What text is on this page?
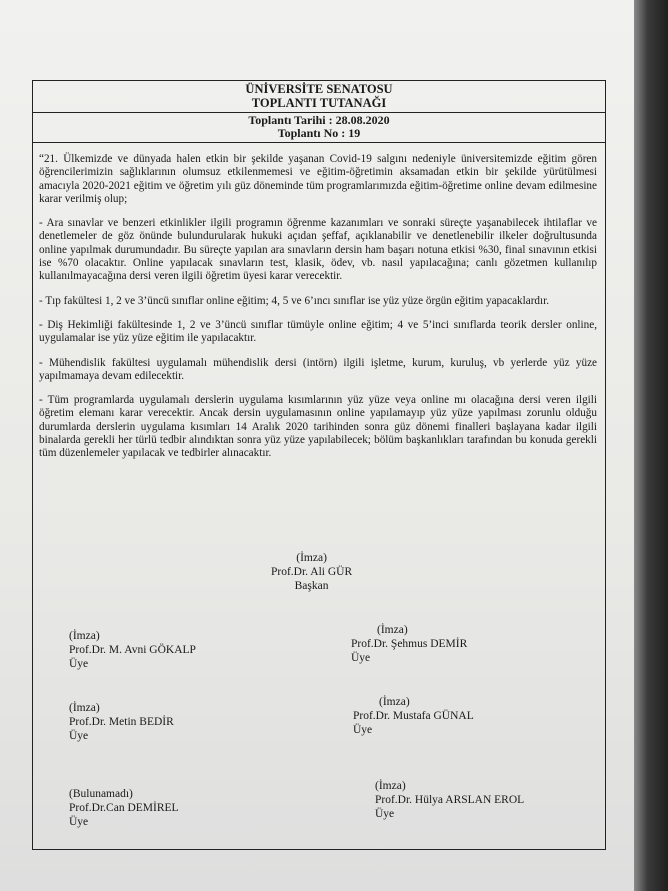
ÜNİVERSİTE SENATOSU
TOPLANTI TUTANAĞI
Toplantı Tarihi : 28.08.2020
Toplantı No : 19

“21. Ülkemizde ve dünyada halen etkin bir şekilde yaşanan Covid-19 salgını nedeniyle üniversitemizde eğitim gören öğrencilerimizin sağlıklarının olumsuz etkilenmemesi ve eğitim-öğretimin aksamadan etkin bir şekilde yürütülmesi amacıyla 2020-2021 eğitim ve öğretim yılı güz döneminde tüm programlarımızda eğitim-öğretime online devam edilmesine karar verilmiş olup;

- Ara sınavlar ve benzeri etkinlikler ilgili programın öğrenme kazanımları ve sonraki süreçte yaşanabilecek ihtilaflar ve denetlemeler de göz önünde bulundurularak hukuki açıdan şeffaf, açıklanabilir ve denetlenebilir ilkeler doğrultusunda online yapılmak durumundadır. Bu süreçte yapılan ara sınavların dersin ham başarı notuna etkisi %30, final sınavının etkisi ise %70 olacaktır. Online yapılacak sınavların test, klasik, ödev, vb. nasıl yapılacağına; canlı gözetmen kullanılıp kullanılmayacağına dersi veren ilgili öğretim üyesi karar verecektir.

- Tıp fakültesi 1, 2 ve 3’üncü sınıflar online eğitim; 4, 5 ve 6’ıncı sınıflar ise yüz yüze örgün eğitim yapacaklardır.

- Diş Hekimliği fakültesinde 1, 2 ve 3’üncü sınıflar tümüyle online eğitim; 4 ve 5’inci sınıflarda teorik dersler online, uygulamalar ise yüz yüze eğitim ile yapılacaktır.

- Mühendislik fakültesi uygulamalı mühendislik dersi (intörn) ilgili işletme, kurum, kuruluş, vb yerlerde yüz yüze yapılmamaya devam edilecektir.

- Tüm programlarda uygulamalı derslerin uygulama kısımlarının yüz yüze veya online mı olacağına dersi veren ilgili öğretim elemanı karar verecektir. Ancak dersin uygulamasının online yapılamayıp yüz yüze yapılması zorunlu olduğu durumlarda derslerin uygulama kısımları 14 Aralık 2020 tarihinden sonra güz dönemi finalleri başlayana kadar ilgili binalarda gerekli her türlü tedbir alındıktan sonra yüz yüze yapılabilecek; bölüm başkanlıkları tarafından bu konuda gerekli tüm düzenlemeler yapılacak ve tedbirler alınacaktır.

(İmza)
Prof.Dr. Ali GÜR
Başkan
(İmza)
Prof.Dr. M. Avni GÖKALP
Üye
(İmza)
Prof.Dr. Şehmus DEMİR
Üye
(İmza)
Prof.Dr. Metin BEDİR
Üye
(İmza)
Prof.Dr. Mustafa GÜNAL
Üye
(Bulunamadı)
Prof.Dr.Can DEMİREL
Üye
(İmza)
Prof.Dr. Hülya ARSLAN EROL
Üye
